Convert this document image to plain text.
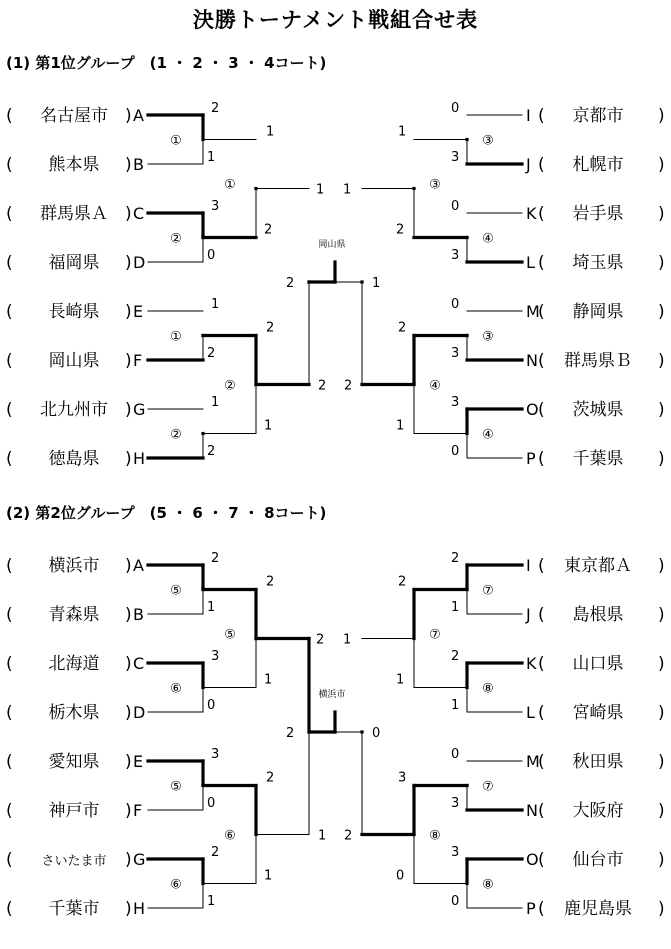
決勝トーナメント戦組合せ表
(1) 第1位グループ　(1 ・ 2 ・ 3 ・ 4コート)
(2) 第2位グループ　(5 ・ 6 ・ 7 ・ 8コート)
( 名古屋市 ) A
( 熊本県 ) B
( 群馬県Ａ ) C
( 福岡県 ) D
( 長崎県 ) E
( 岡山県 ) F
( 北九州市 ) G
( 徳島県 ) H
I ( 京都市 )
J ( 札幌市 )
K ( 岩手県 )
L ( 埼玉県 )
M
( 静岡県 )
N ( 群馬県Ｂ )
O ( 茨城県 )
P ( 千葉県 )
2
1
①
0
3
③
3
0
②
0
3
④
1
2
①
0
3
③
1
2
②
3
0
④
1
2
①
1
2
③
2
1
②
2
1
④
1
2
1
2
岡山県
2	1
( 横浜市 ) A
( 青森県 ) B
( 北海道 ) C
( 栃木県 ) D
( 愛知県 ) E
( 神戸市 ) F
( さいたま市 ) G
( 千葉市 ) H
I ( 東京都Ａ )
J ( 島根県 )
K ( 山口県 )
L ( 宮崎県 )
M
( 秋田県 )
N ( 大阪府 )
O ( 仙台市 )
P ( 鹿児島県 )
2
1
⑤
2
1
⑦
3
0
⑥
2
1
⑧
3
0
⑤
0
3
⑦
2
1
⑥
3
0
⑧
2
1
⑤
2
1
⑦
2
1
⑥
3
0
⑧
2
1
1
2
横浜市
2	0
